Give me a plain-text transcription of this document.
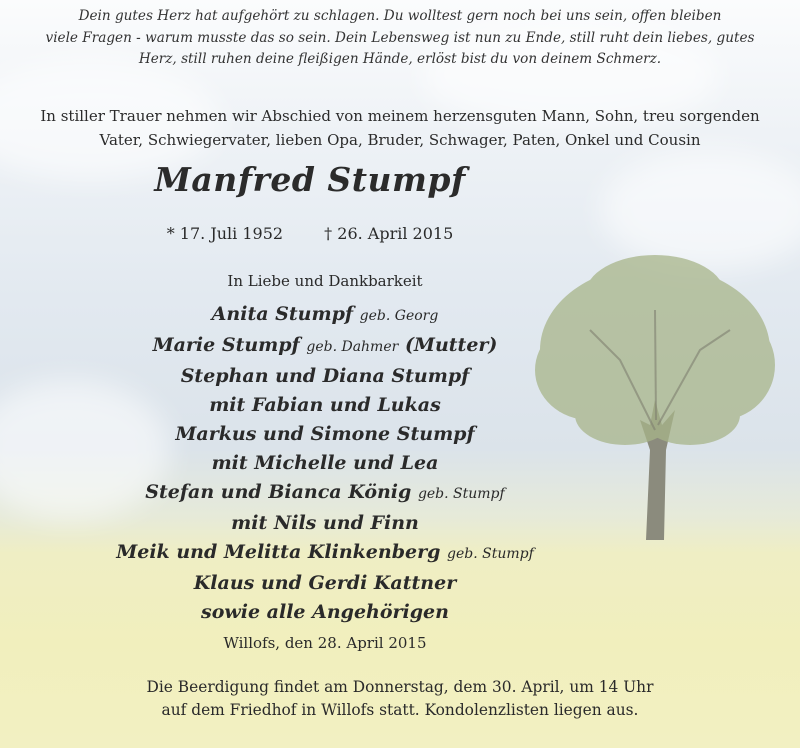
Dein gutes Herz hat aufgehört zu schlagen. Du wolltest gern noch bei uns sein, offen bleiben
viele Fragen - warum musste das so sein. Dein Lebensweg ist nun zu Ende, still ruht dein liebes, gutes
Herz, still ruhen deine fleißigen Hände, erlöst bist du von deinem Schmerz.
In stiller Trauer nehmen wir Abschied von meinem herzensguten Mann, Sohn, treu sorgenden
Vater, Schwiegervater, lieben Opa, Bruder, Schwager, Paten, Onkel und Cousin
Manfred Stumpf
* 17. Juli 1952	† 26. April 2015
In Liebe und Dankbarkeit
Anita Stumpf geb. Georg
Marie Stumpf geb. Dahmer (Mutter)
Stephan und Diana Stumpf
mit Fabian und Lukas
Markus und Simone Stumpf
mit Michelle und Lea
Stefan und Bianca König geb. Stumpf
mit Nils und Finn
Meik und Melitta Klinkenberg geb. Stumpf
Klaus und Gerdi Kattner
sowie alle Angehörigen
Willofs, den 28. April 2015
Die Beerdigung findet am Donnerstag, dem 30. April, um 14 Uhr
auf dem Friedhof in Willofs statt. Kondolenzlisten liegen aus.
